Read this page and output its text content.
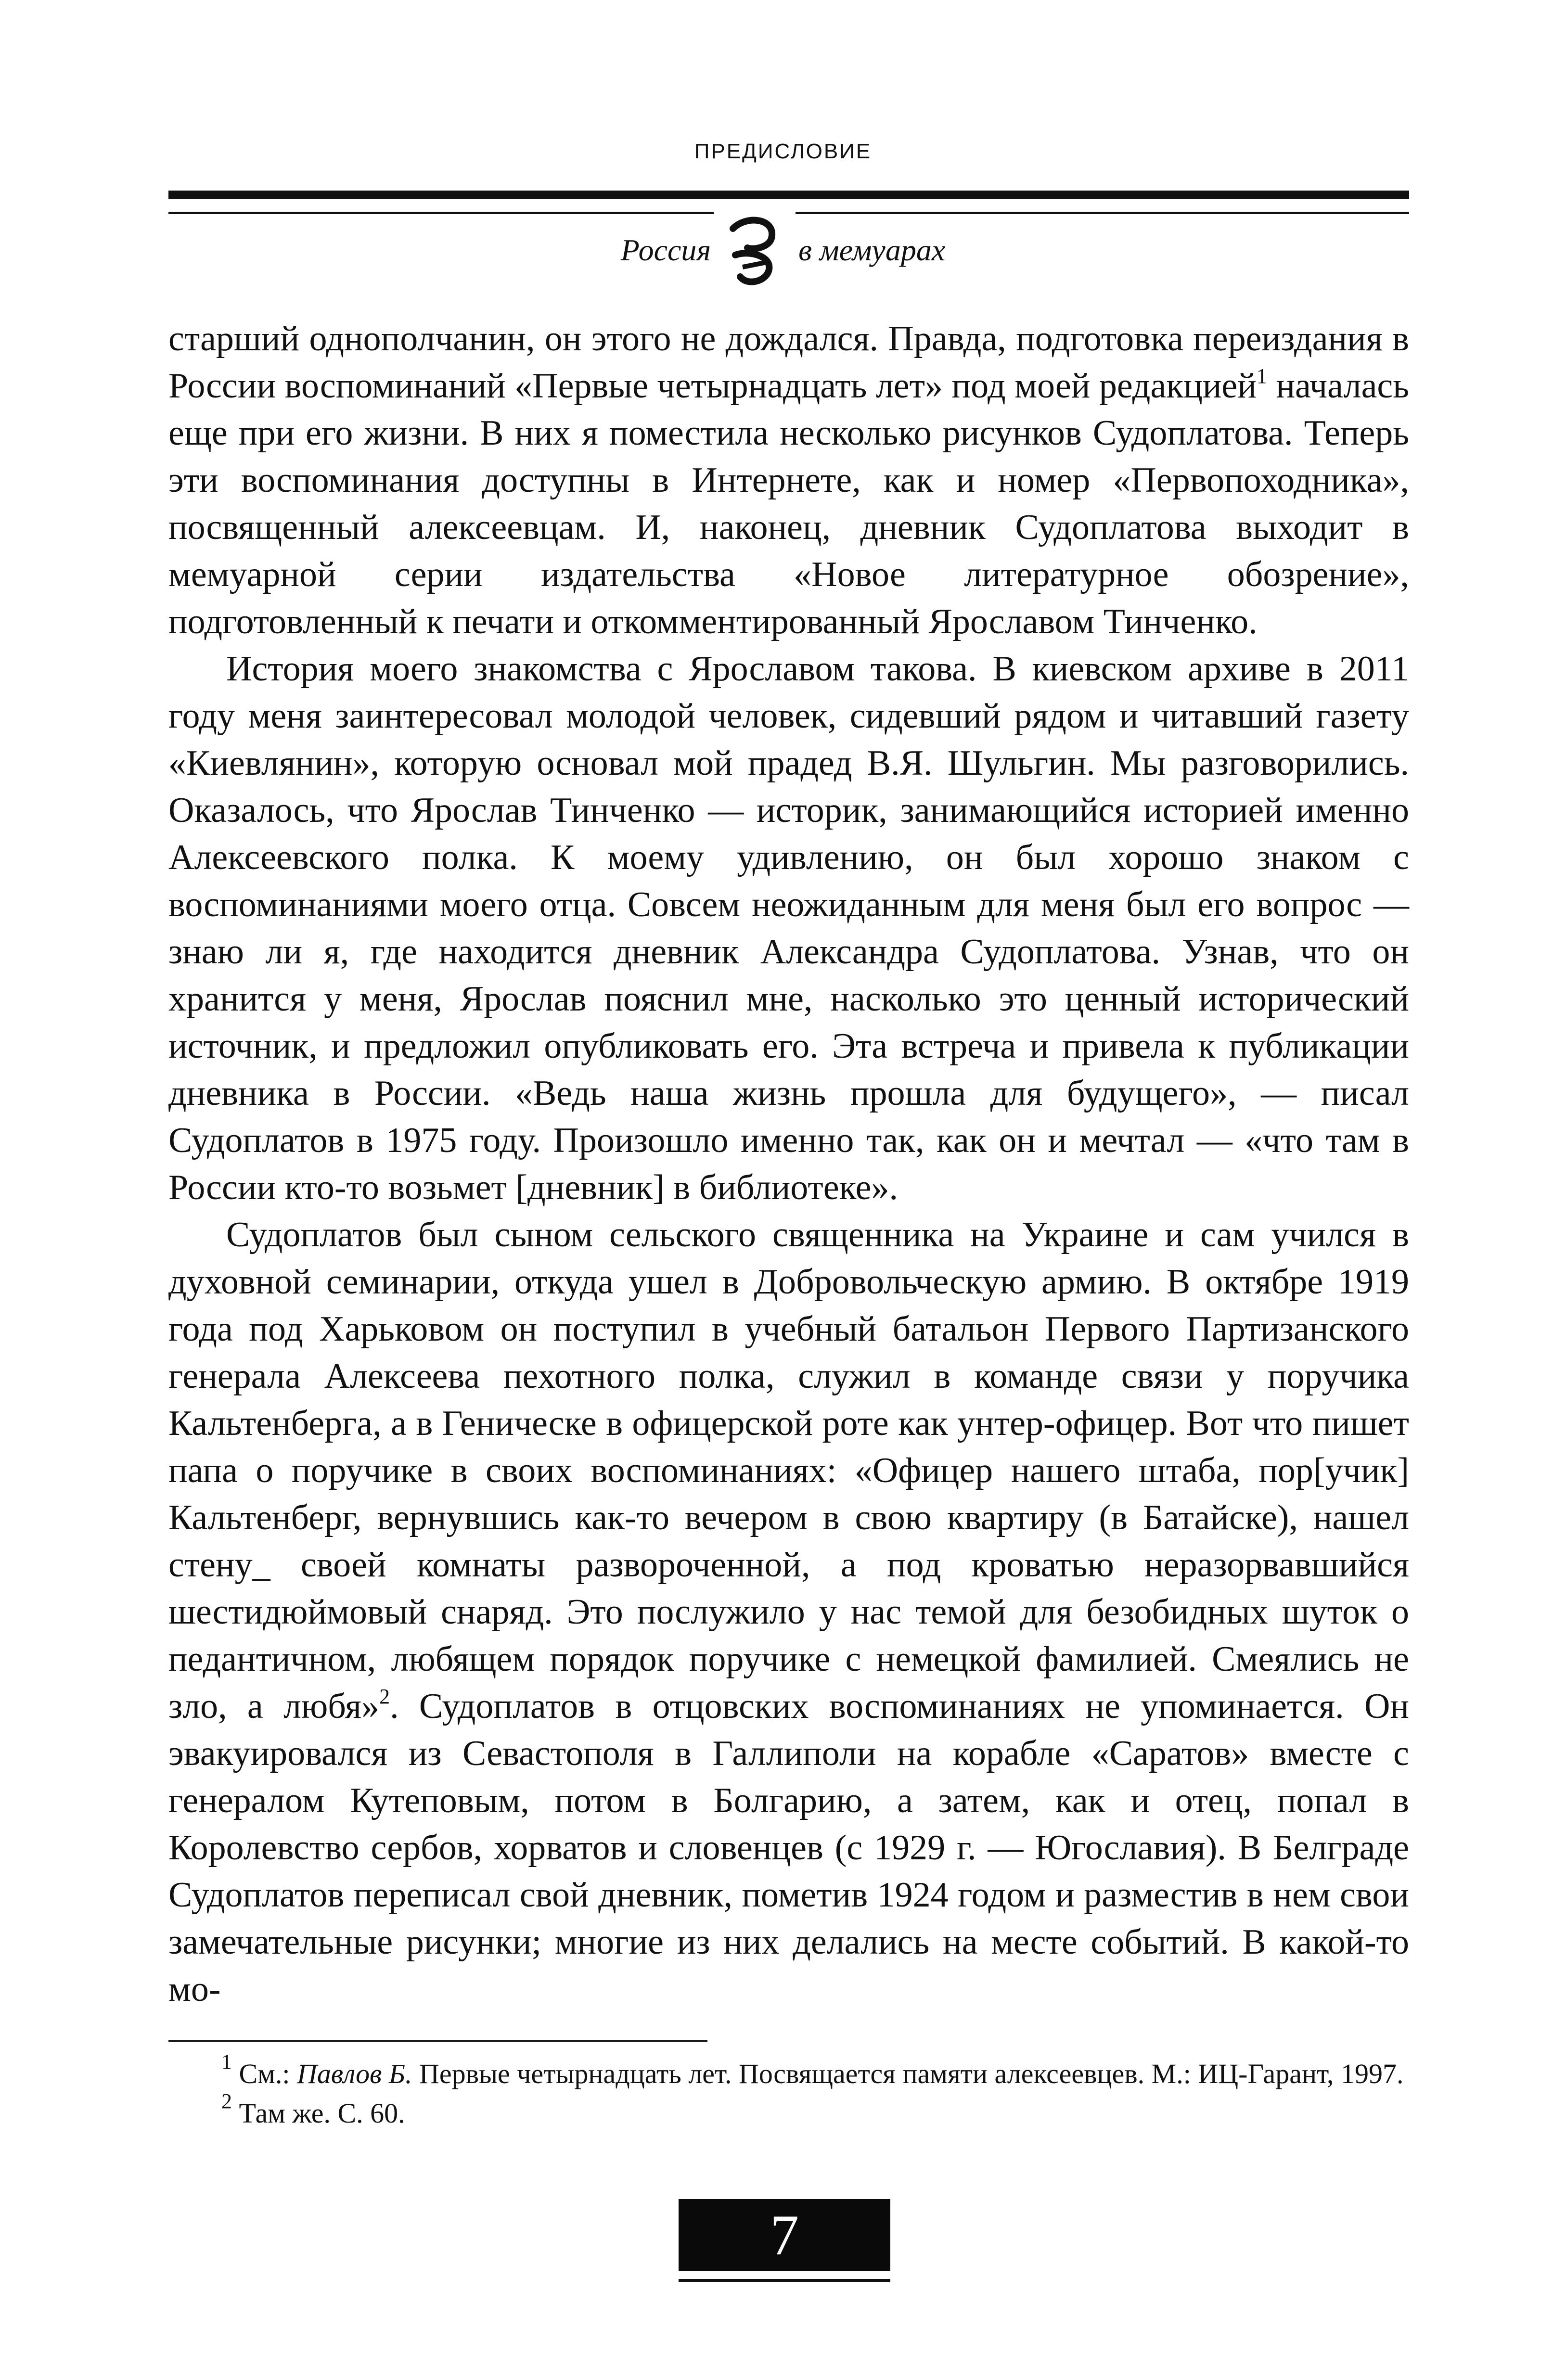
ПРЕДИСЛОВИЕ
Россия	в мемуарах

старший однополчанин, он этого не дождался. Правда, подготовка переиздания в России воспоминаний «Первые четырнадцать лет» под моей редакцией$^1$ началась еще при его жизни. В них я поместила несколько рисунков Судоплатова. Теперь эти воспоминания доступны в Интернете, как и номер «Первопоходника», посвященный алексеевцам. И, наконец, дневник Судоплатова выходит в мемуарной серии издательства «Новое литературное обозрение», подготовленный к печати и откомментированный Ярославом Тинченко.

История моего знакомства с Ярославом такова. В киевском архиве в 2011 году меня заинтересовал молодой человек, сидевший рядом и читавший газету «Киевлянин», которую основал мой прадед В.Я. Шульгин. Мы разговорились. Оказалось, что Ярослав Тинченко — историк, занимающийся историей именно Алексеевского полка. К моему удивлению, он был хорошо знаком с воспоминаниями моего отца. Совсем неожиданным для меня был его вопрос — знаю ли я, где находится дневник Александра Судоплатова. Узнав, что он хранится у меня, Ярослав пояснил мне, насколько это ценный исторический источник, и предложил опубликовать его. Эта встреча и привела к публикации дневника в России. «Ведь наша жизнь прошла для будущего», — писал Судоплатов в 1975 году. Произошло именно так, как он и мечтал — «что там в России кто-то возьмет [дневник] в библиотеке».

Судоплатов был сыном сельского священника на Украине и сам учился в духовной семинарии, откуда ушел в Добровольческую армию. В октябре 1919 года под Харьковом он поступил в учебный батальон Первого Партизанского генерала Алексеева пехотного полка, служил в команде связи у поручика Кальтенберга, а в Геническе в офицерской роте как унтер-офицер. Вот что пишет папа о поручике в своих воспоминаниях: «Офицер нашего штаба, пор[учик] Кальтенберг, вернувшись как-то вечером в свою квартиру (в Батайске), нашел стену_ своей комнаты развороченной, а под кроватью неразорвавшийся шестидюймовый снаряд. Это послужило у нас темой для безобидных шуток о педантичном, любящем порядок поручике с немецкой фамилией. Смеялись не зло, а любя»$^2$. Судоплатов в отцовских воспоминаниях не упоминается. Он эвакуировался из Севастополя в Галлиполи на корабле «Саратов» вместе с генералом Кутеповым, потом в Болгарию, а затем, как и отец, попал в Королевство сербов, хорватов и словенцев (с 1929 г. — Югославия). В Белграде Судоплатов переписал свой дневник, пометив 1924 годом и разместив в нем свои замечательные рисунки; многие из них делались на месте событий. В какой-то мо-

$^1$ См.: Павлов Б. Первые четырнадцать лет. Посвящается памяти алексеевцев. М.: ИЦ-Гарант, 1997.

$^2$ Там же. С. 60.

7
